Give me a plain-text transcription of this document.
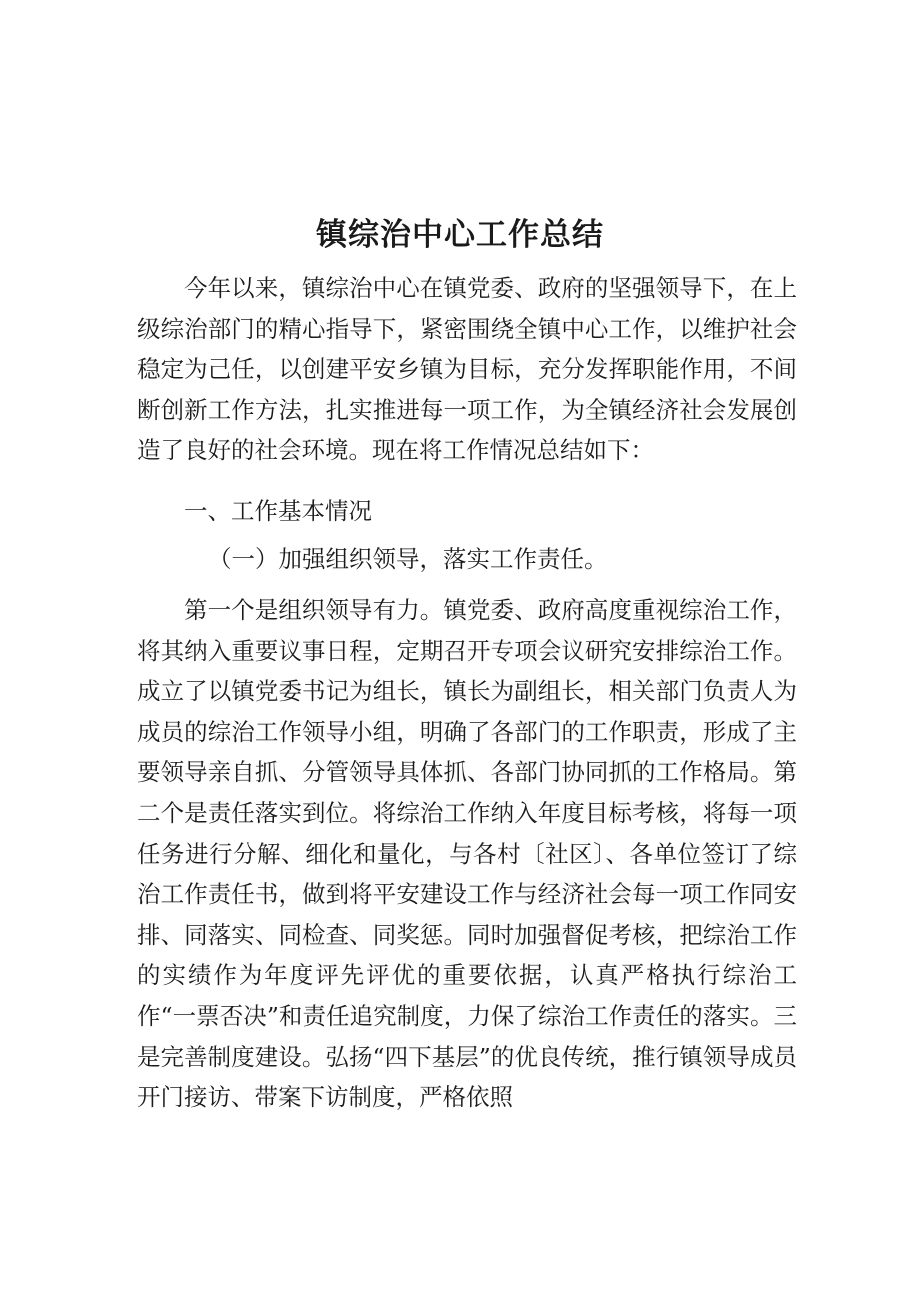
镇综治中心工作总结

今年以来，镇综治中心在镇党委、政府的坚强领导下，在上级综治部门的精心指导下，紧密围绕全镇中心工作，以维护社会稳定为己任，以创建平安乡镇为目标，充分发挥职能作用，不间断创新工作方法，扎实推进每一项工作，为全镇经济社会发展创造了良好的社会环境。现在将工作情况总结如下：

一、工作基本情况

（一）加强组织领导，落实工作责任。

第一个是组织领导有力。镇党委、政府高度重视综治工作，将其纳入重要议事日程，定期召开专项会议研究安排综治工作。成立了以镇党委书记为组长，镇长为副组长，相关部门负责人为成员的综治工作领导小组，明确了各部门的工作职责，形成了主要领导亲自抓、分管领导具体抓、各部门协同抓的工作格局。第二个是责任落实到位。将综治工作纳入年度目标考核，将每一项任务进行分解、细化和量化，与各村〔社区〕、各单位签订了综治工作责任书，做到将平安建设工作与经济社会每一项工作同安排、同落实、同检查、同奖惩。同时加强督促考核，把综治工作的实绩作为年度评先评优的重要依据，认真严格执行综治工作“一票否决”和责任追究制度，力保了综治工作责任的落实。三是完善制度建设。弘扬“四下基层”的优良传统，推行镇领导成员开门接访、带案下访制度，严格依照
